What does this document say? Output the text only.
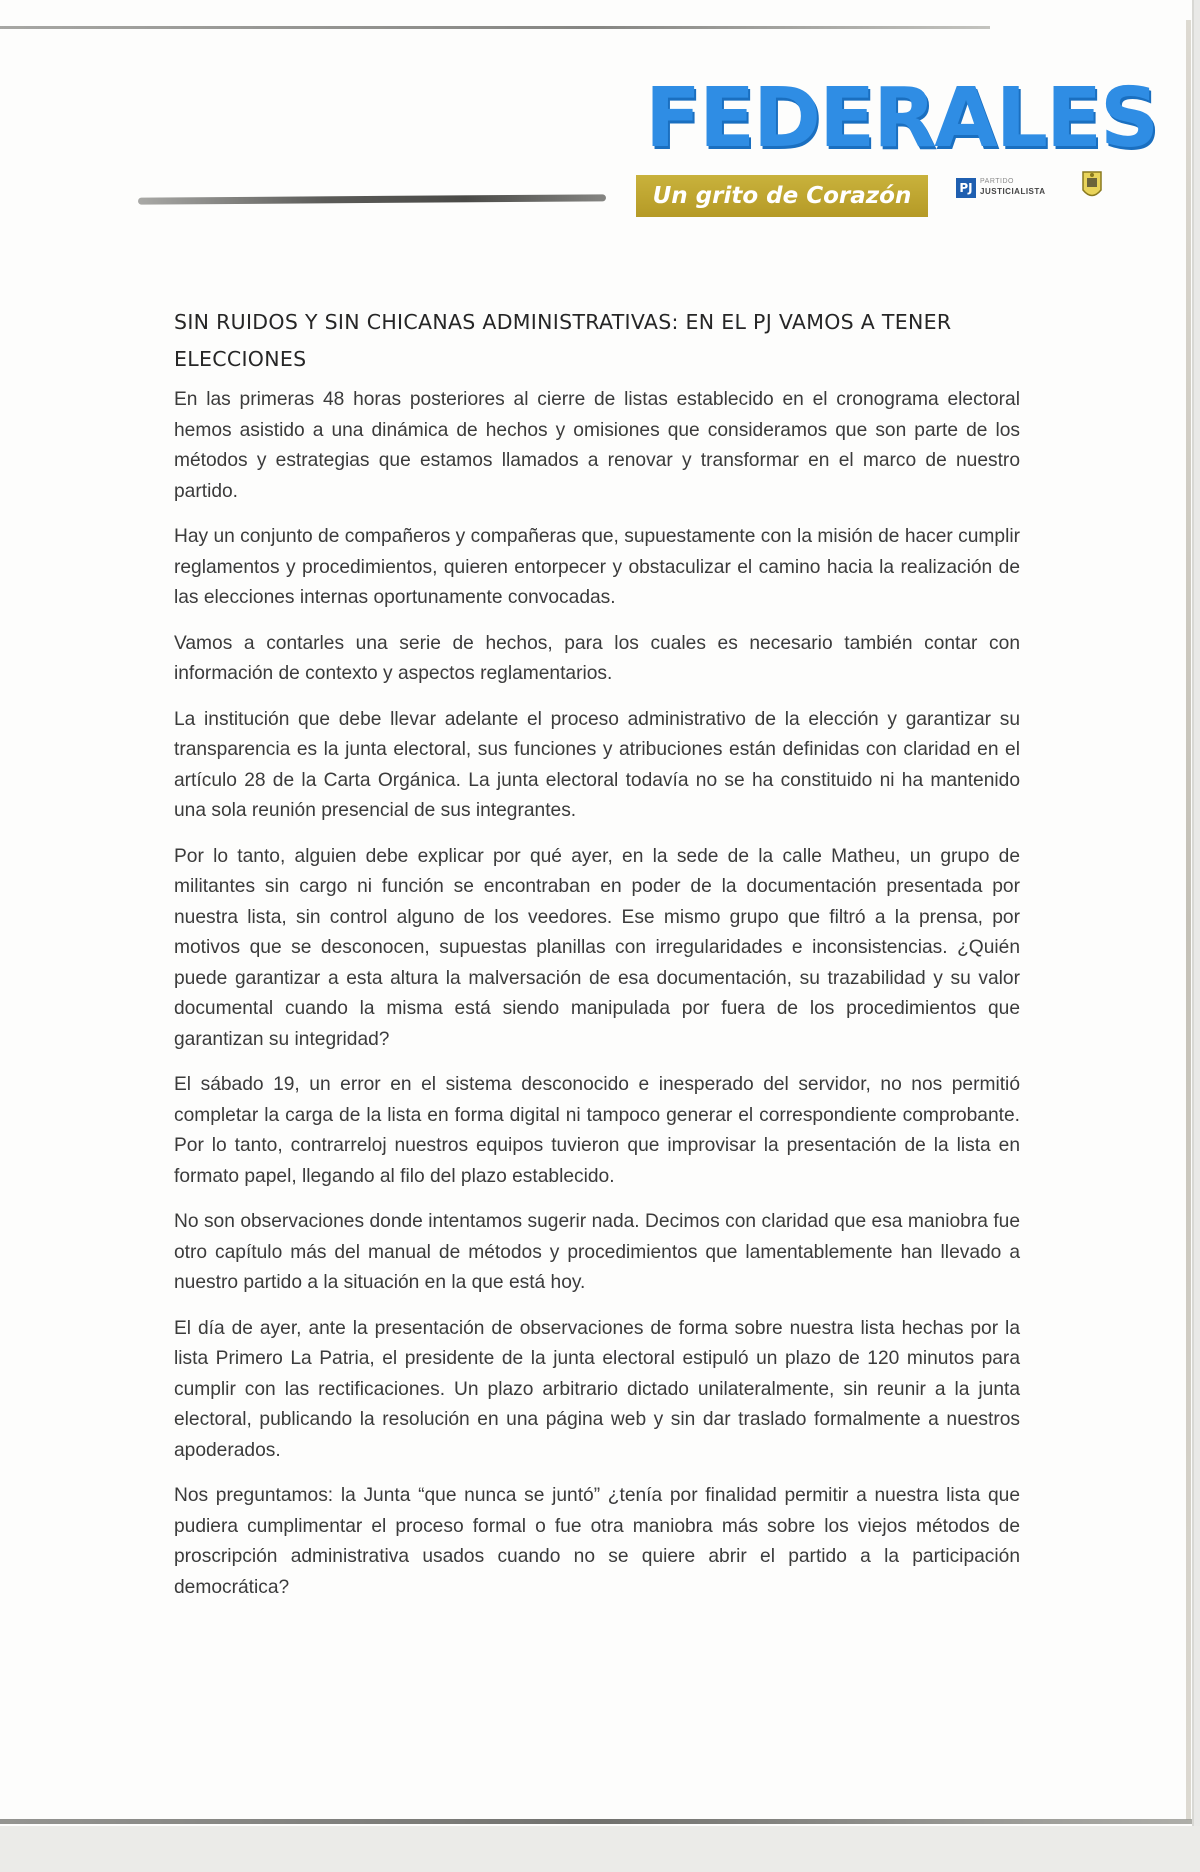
FEDERALES
Un grito de Corazón	PJ	PARTIDO
JUSTICIALISTA
SIN RUIDOS Y SIN CHICANAS ADMINISTRATIVAS: EN EL PJ VAMOS A TENER ELECCIONES

En las primeras 48 horas posteriores al cierre de listas establecido en el cronograma electoral hemos asistido a una dinámica de hechos y omisiones que consideramos que son parte de los métodos y estrategias que estamos llamados a renovar y transformar en el marco de nuestro partido.

Hay un conjunto de compañeros y compañeras que, supuestamente con la misión de hacer cumplir reglamentos y procedimientos, quieren entorpecer y obstaculizar el camino hacia la realización de las elecciones internas oportunamente convocadas.

Vamos a contarles una serie de hechos, para los cuales es necesario también contar con información de contexto y aspectos reglamentarios.

La institución que debe llevar adelante el proceso administrativo de la elección y garantizar su transparencia es la junta electoral, sus funciones y atribuciones están definidas con claridad en el artículo 28 de la Carta Orgánica. La junta electoral todavía no se ha constituido ni ha mantenido una sola reunión presencial de sus integrantes.

Por lo tanto, alguien debe explicar por qué ayer, en la sede de la calle Matheu, un grupo de militantes sin cargo ni función se encontraban en poder de la documentación presentada por nuestra lista, sin control alguno de los veedores. Ese mismo grupo que filtró a la prensa, por motivos que se desconocen, supuestas planillas con irregularidades e inconsistencias. ¿Quién puede garantizar a esta altura la malversación de esa documentación, su trazabilidad y su valor documental cuando la misma está siendo manipulada por fuera de los procedimientos que garantizan su integridad?

El sábado 19, un error en el sistema desconocido e inesperado del servidor, no nos permitió completar la carga de la lista en forma digital ni tampoco generar el correspondiente comprobante. Por lo tanto, contrarreloj nuestros equipos tuvieron que improvisar la presentación de la lista en formato papel, llegando al filo del plazo establecido.

No son observaciones donde intentamos sugerir nada. Decimos con claridad que esa maniobra fue otro capítulo más del manual de métodos y procedimientos que lamentablemente han llevado a nuestro partido a la situación en la que está hoy.

El día de ayer, ante la presentación de observaciones de forma sobre nuestra lista hechas por la lista Primero La Patria, el presidente de la junta electoral estipuló un plazo de 120 minutos para cumplir con las rectificaciones. Un plazo arbitrario dictado unilateralmente, sin reunir a la junta electoral, publicando la resolución en una página web y sin dar traslado formalmente a nuestros apoderados.

Nos preguntamos: la Junta “que nunca se juntó” ¿tenía por finalidad permitir a nuestra lista que pudiera cumplimentar el proceso formal o fue otra maniobra más sobre los viejos métodos de proscripción administrativa usados cuando no se quiere abrir el partido a la participación democrática?
